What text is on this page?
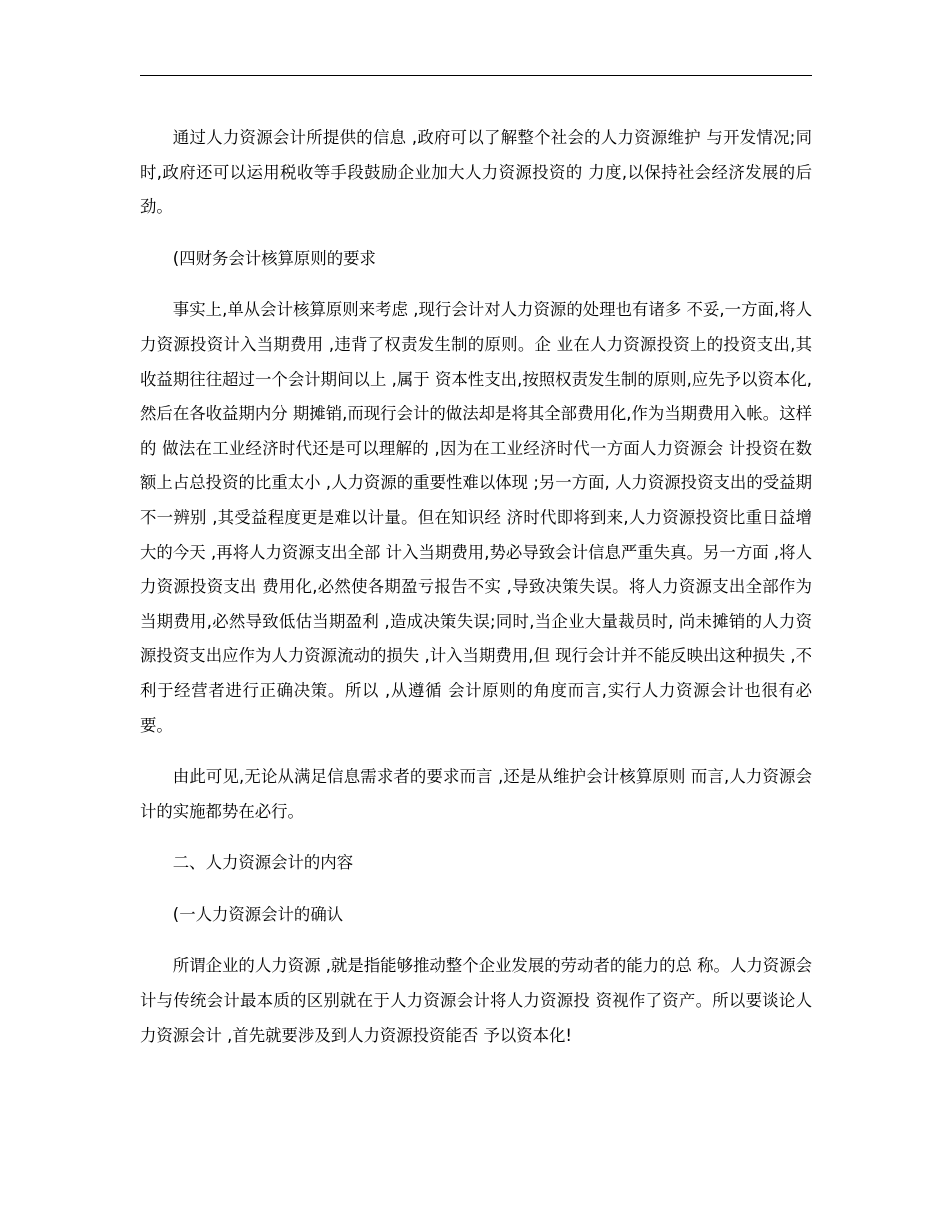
通过人力资源会计所提供的信息 ,政府可以了解整个社会的人力资源维护 与开发情况;同时,政府还可以运用税收等手段鼓励企业加大人力资源投资的 力度,以保持社会经济发展的后劲。

(四财务会计核算原则的要求

事实上,单从会计核算原则来考虑 ,现行会计对人力资源的处理也有诸多 不妥,一方面,将人力资源投资计入当期费用 ,违背了权责发生制的原则。企 业在人力资源投资上的投资支出,其收益期往往超过一个会计期间以上 ,属于 资本性支出,按照权责发生制的原则,应先予以资本化,然后在各收益期内分 期摊销,而现行会计的做法却是将其全部费用化,作为当期费用入帐。这样的 做法在工业经济时代还是可以理解的 ,因为在工业经济时代一方面人力资源会 计投资在数额上占总投资的比重太小 ,人力资源的重要性难以体现 ;另一方面, 人力资源投资支出的受益期不一辨别 ,其受益程度更是难以计量。但在知识经 济时代即将到来,人力资源投资比重日益增大的今天 ,再将人力资源支出全部 计入当期费用,势必导致会计信息严重失真。另一方面 ,将人力资源投资支出 费用化,必然使各期盈亏报告不实 ,导致决策失误。将人力资源支出全部作为 当期费用,必然导致低估当期盈利 ,造成决策失误;同时,当企业大量裁员时, 尚未摊销的人力资源投资支出应作为人力资源流动的损失 ,计入当期费用,但 现行会计并不能反映出这种损失 ,不利于经营者进行正确决策。所以 ,从遵循 会计原则的角度而言,实行人力资源会计也很有必要。

由此可见,无论从满足信息需求者的要求而言 ,还是从维护会计核算原则 而言,人力资源会计的实施都势在必行。

二、人力资源会计的内容

(一人力资源会计的确认

所谓企业的人力资源 ,就是指能够推动整个企业发展的劳动者的能力的总 称。人力资源会计与传统会计最本质的区别就在于人力资源会计将人力资源投 资视作了资产。所以要谈论人力资源会计 ,首先就要涉及到人力资源投资能否 予以资本化!
